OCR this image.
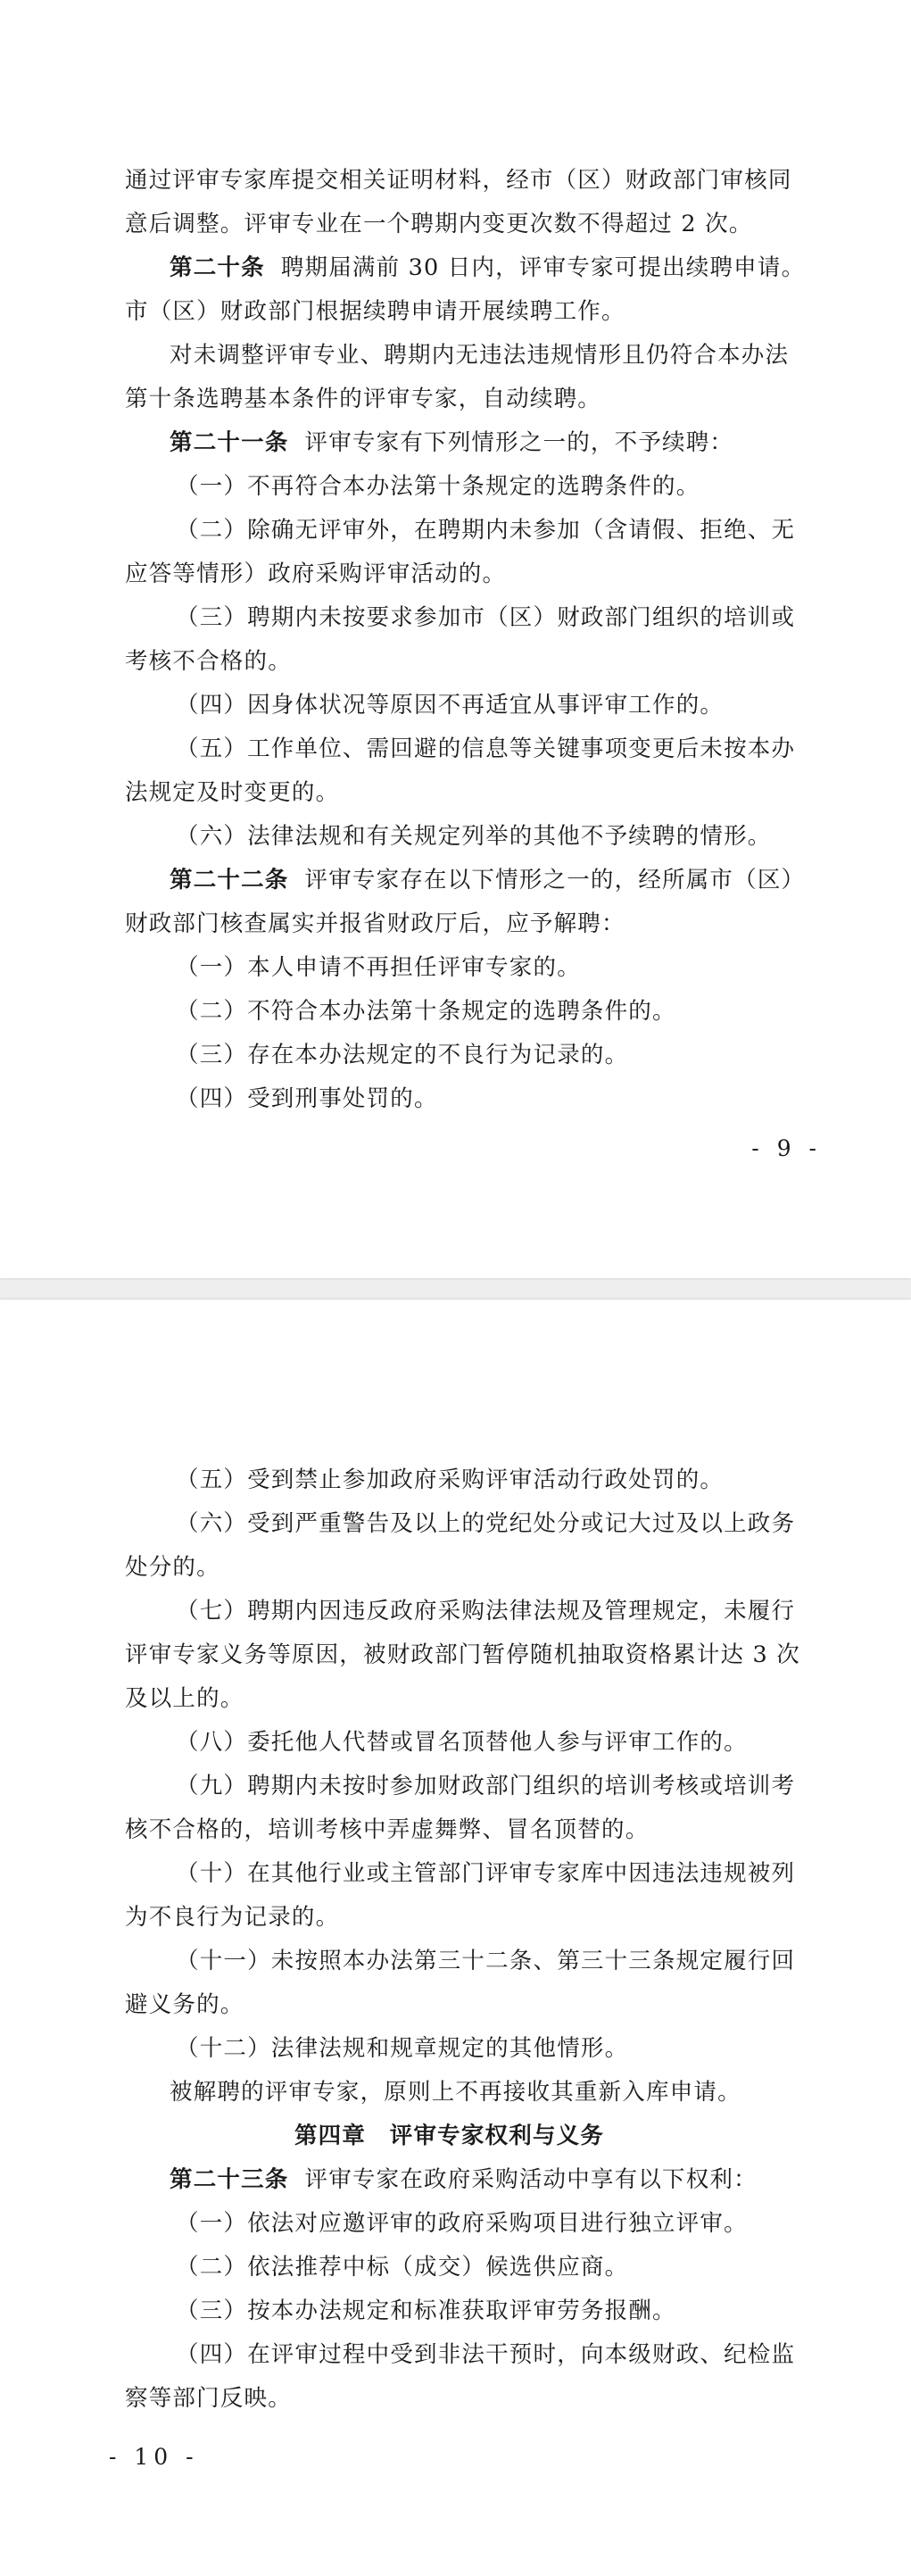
通过评审专家库提交相关证明材料，经市（区）财政部门审核同

意后调整。评审专业在一个聘期内变更次数不得超过 2 次。

第二十条 聘期届满前 30 日内，评审专家可提出续聘申请。

市（区）财政部门根据续聘申请开展续聘工作。

对未调整评审专业、聘期内无违法违规情形且仍符合本办法

第十条选聘基本条件的评审专家，自动续聘。

第二十一条 评审专家有下列情形之一的，不予续聘：

（一）不再符合本办法第十条规定的选聘条件的。

（二）除确无评审外，在聘期内未参加（含请假、拒绝、无

应答等情形）政府采购评审活动的。

（三）聘期内未按要求参加市（区）财政部门组织的培训或

考核不合格的。

（四）因身体状况等原因不再适宜从事评审工作的。

（五）工作单位、需回避的信息等关键事项变更后未按本办

法规定及时变更的。

（六）法律法规和有关规定列举的其他不予续聘的情形。

第二十二条 评审专家存在以下情形之一的，经所属市（区）

财政部门核查属实并报省财政厅后，应予解聘：

（一）本人申请不再担任评审专家的。

（二）不符合本办法第十条规定的选聘条件的。

（三）存在本办法规定的不良行为记录的。

（四）受到刑事处罚的。

- 9 -

（五）受到禁止参加政府采购评审活动行政处罚的。

（六）受到严重警告及以上的党纪处分或记大过及以上政务

处分的。

（七）聘期内因违反政府采购法律法规及管理规定，未履行

评审专家义务等原因，被财政部门暂停随机抽取资格累计达 3 次

及以上的。

（八）委托他人代替或冒名顶替他人参与评审工作的。

（九）聘期内未按时参加财政部门组织的培训考核或培训考

核不合格的，培训考核中弄虚舞弊、冒名顶替的。

（十）在其他行业或主管部门评审专家库中因违法违规被列

为不良行为记录的。

（十一）未按照本办法第三十二条、第三十三条规定履行回

避义务的。

（十二）法律法规和规章规定的其他情形。

被解聘的评审专家，原则上不再接收其重新入库申请。

第四章　评审专家权利与义务

第二十三条 评审专家在政府采购活动中享有以下权利：

（一）依法对应邀评审的政府采购项目进行独立评审。

（二）依法推荐中标（成交）候选供应商。

（三）按本办法规定和标准获取评审劳务报酬。

（四）在评审过程中受到非法干预时，向本级财政、纪检监

察等部门反映。

- 10 -
